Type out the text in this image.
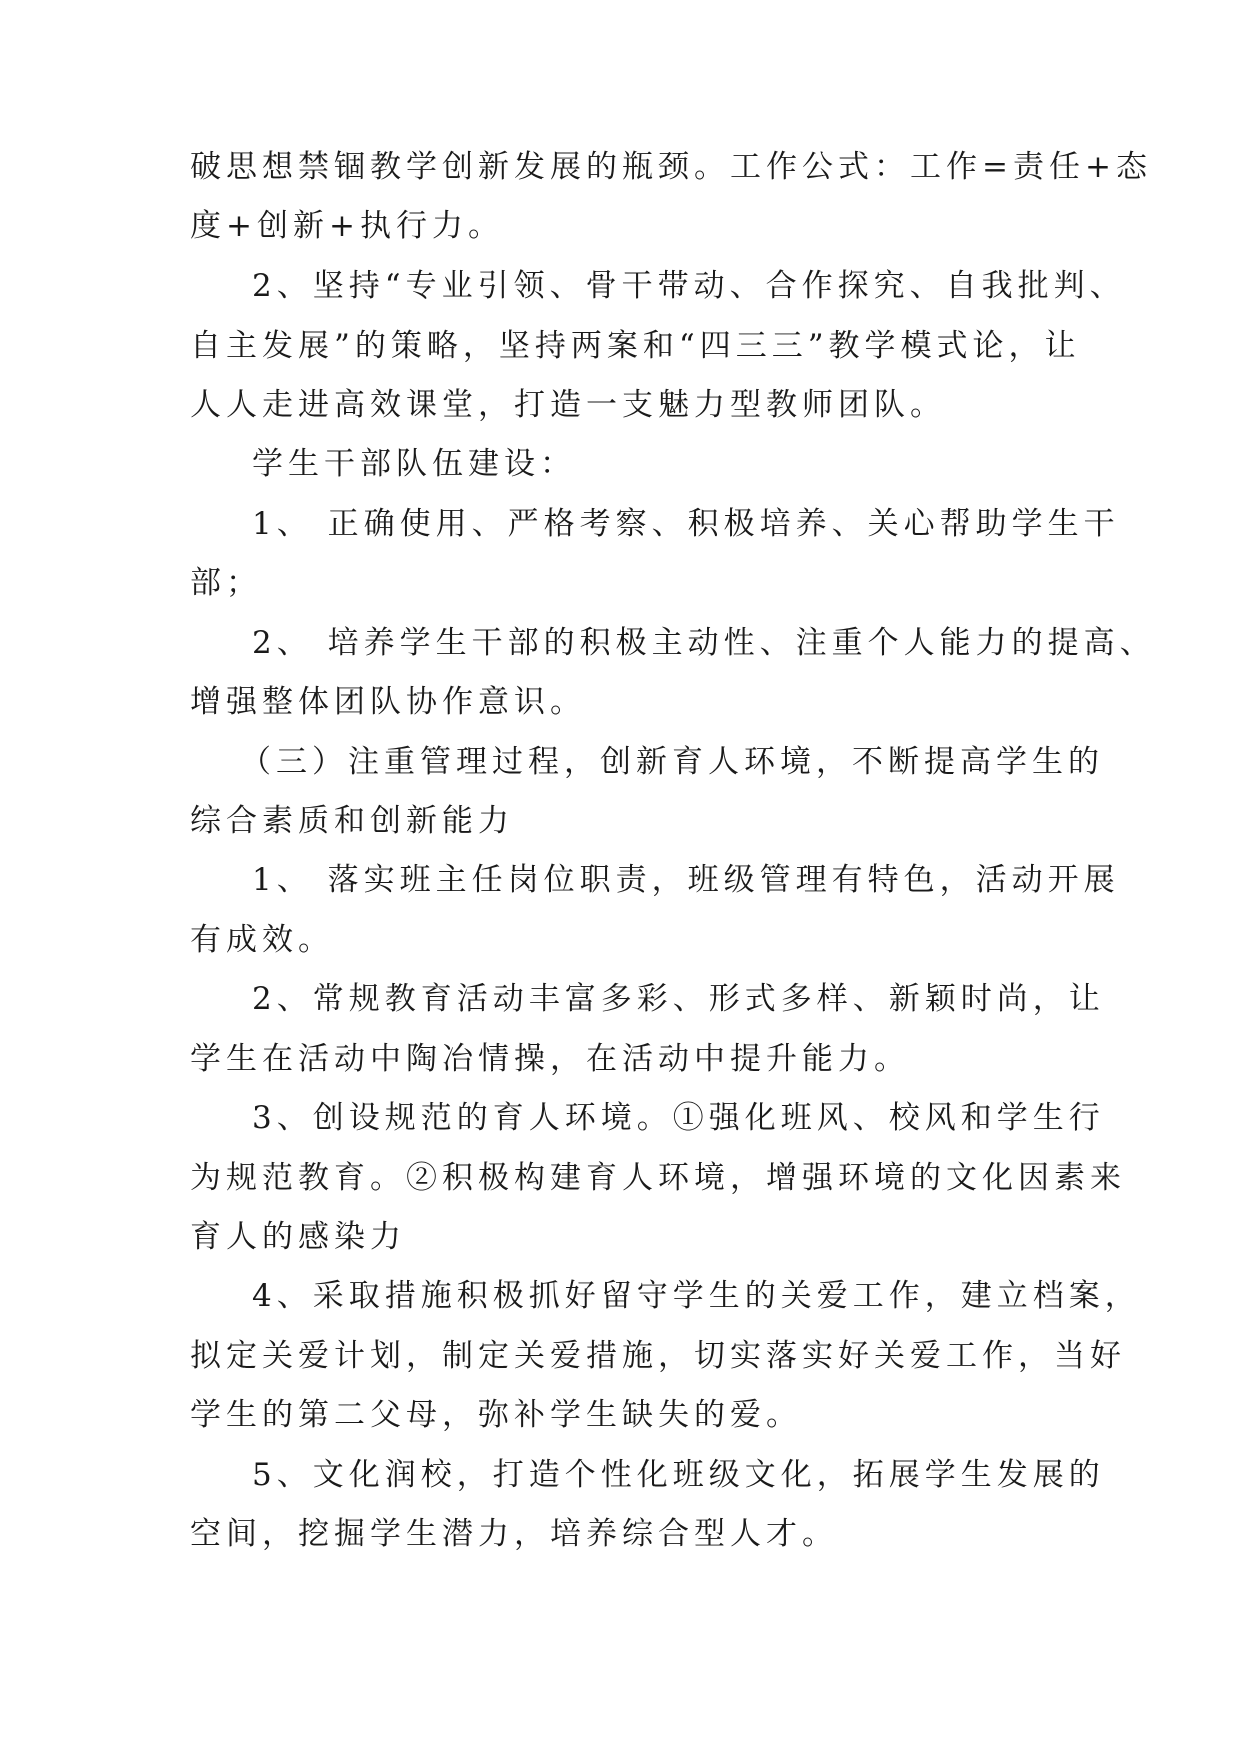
破思想禁锢教学创新发展的瓶颈。工作公式：工作=责任+态
度+创新+执行力。
2、坚持“专业引领、骨干带动、合作探究、自我批判、
自主发展”的策略，坚持两案和“四三三”教学模式论，让
人人走进高效课堂，打造一支魅力型教师团队。
学生干部队伍建设：
1、 正确使用、严格考察、积极培养、关心帮助学生干
部；
2、 培养学生干部的积极主动性、注重个人能力的提高、
增强整体团队协作意识。
（三）注重管理过程，创新育人环境，不断提高学生的
综合素质和创新能力
1、 落实班主任岗位职责，班级管理有特色，活动开展
有成效。
2、常规教育活动丰富多彩、形式多样、新颖时尚，让
学生在活动中陶冶情操，在活动中提升能力。
3、创设规范的育人环境。①强化班风、校风和学生行
为规范教育。②积极构建育人环境，增强环境的文化因素来
育人的感染力
4、采取措施积极抓好留守学生的关爱工作，建立档案，
拟定关爱计划，制定关爱措施，切实落实好关爱工作，当好
学生的第二父母，弥补学生缺失的爱。
5、文化润校，打造个性化班级文化，拓展学生发展的
空间，挖掘学生潜力，培养综合型人才。
